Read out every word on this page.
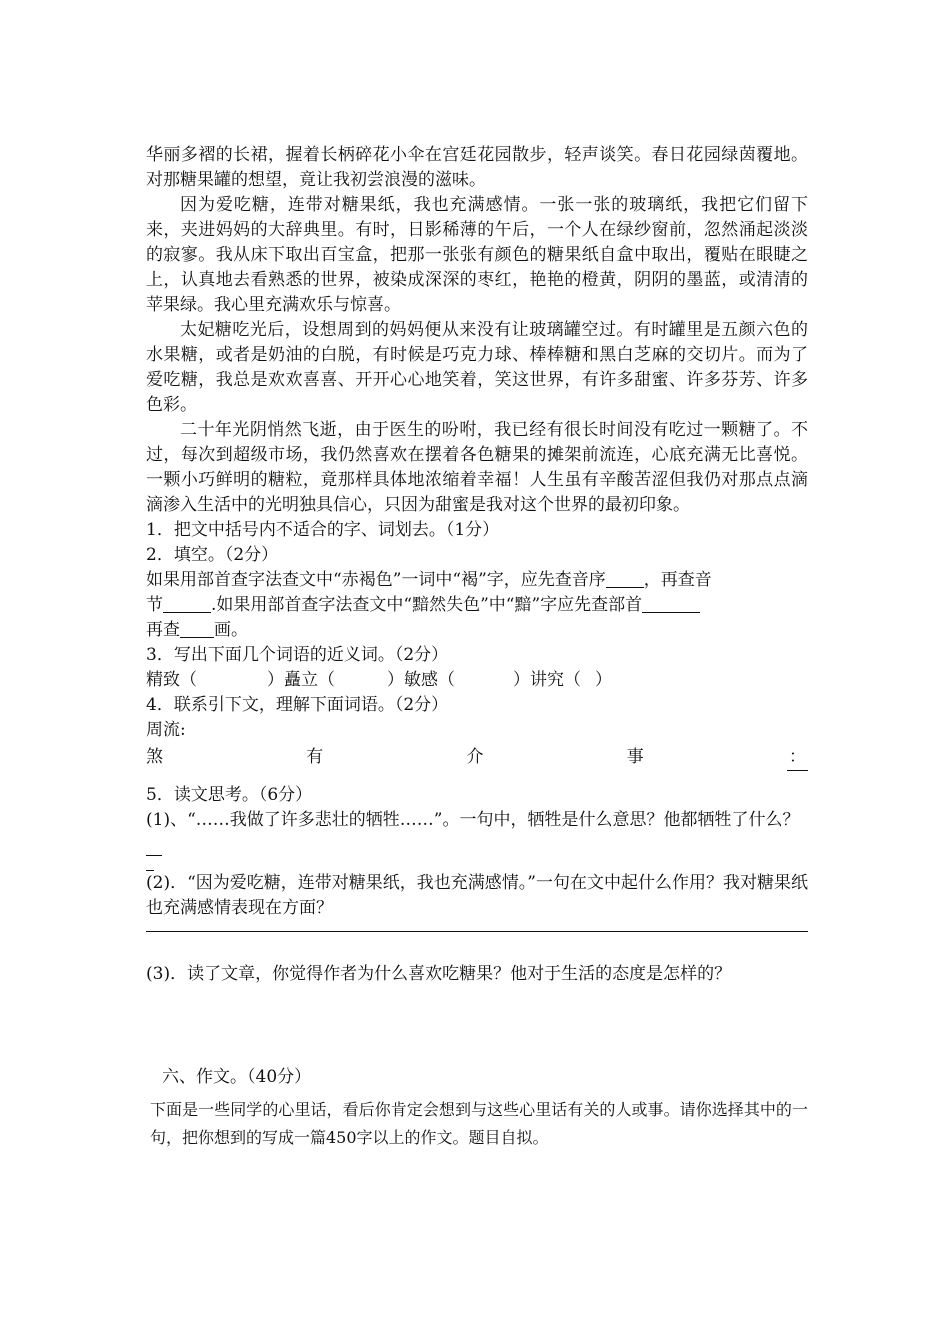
华丽多褶的长裙，握着长柄碎花小伞在宫廷花园散步，轻声谈笑。春日花园绿茵覆地。对那糖果罐的想望，竟让我初尝浪漫的滋味。

因为爱吃糖，连带对糖果纸，我也充满感情。一张一张的玻璃纸，我把它们留下来，夹进妈妈的大辞典里。有时，日影稀薄的午后，一个人在绿纱窗前，忽然涌起淡淡的寂寥。我从床下取出百宝盒，把那一张张有颜色的糖果纸自盒中取出，覆贴在眼睫之上，认真地去看熟悉的世界，被染成深深的枣红，艳艳的橙黄，阴阴的墨蓝，或清清的苹果绿。我心里充满欢乐与惊喜。

太妃糖吃光后，设想周到的妈妈便从来没有让玻璃罐空过。有时罐里是五颜六色的水果糖，或者是奶油的白脱，有时候是巧克力球、棒棒糖和黑白芝麻的交切片。而为了爱吃糖，我总是欢欢喜喜、开开心心地笑着，笑这世界，有许多甜蜜、许多芬芳、许多色彩。

二十年光阴悄然飞逝，由于医生的吩咐，我已经有很长时间没有吃过一颗糖了。不过，每次到超级市场，我仍然喜欢在摆着各色糖果的摊架前流连，心底充满无比喜悦。一颗小巧鲜明的糖粒，竟那样具体地浓缩着幸福！人生虽有辛酸苦涩但我仍对那点点滴滴渗入生活中的光明独具信心，只因为甜蜜是我对这个世界的最初印象。

1．把文中括号内不适合的字、词划去。（1分）

2．填空。（2分）

如果用部首查字法查文中“赤褐色”一词中“褐”字，应先查音序 ，再查音
节	.如果用部首查字法查文中“黯然失色”中“黯”字应先查部首
再查 画。

3．写出下面几个词语的近义词。（2分）

精致（	）矗立（	）敏感（	）讲究（ ）

4．联系引下文，理解下面词语。（2分）

周流:

煞	有	介	事	：

5．读文思考。（6分）

(1)、“……我做了许多悲壮的牺牲……”。一句中，牺牲是什么意思？他都牺牲了什么？

(2)．“因为爱吃糖，连带对糖果纸，我也充满感情。”一句在文中起什么作用？我对糖果纸也充满感情表现在方面？

(3)．读了文章，你觉得作者为什么喜欢吃糖果？他对于生活的态度是怎样的？

六、作文。（40分）

下面是一些同学的心里话，看后你肯定会想到与这些心里话有关的人或事。请你选择其中的一句，把你想到的写成一篇450字以上的作文。题目自拟。
